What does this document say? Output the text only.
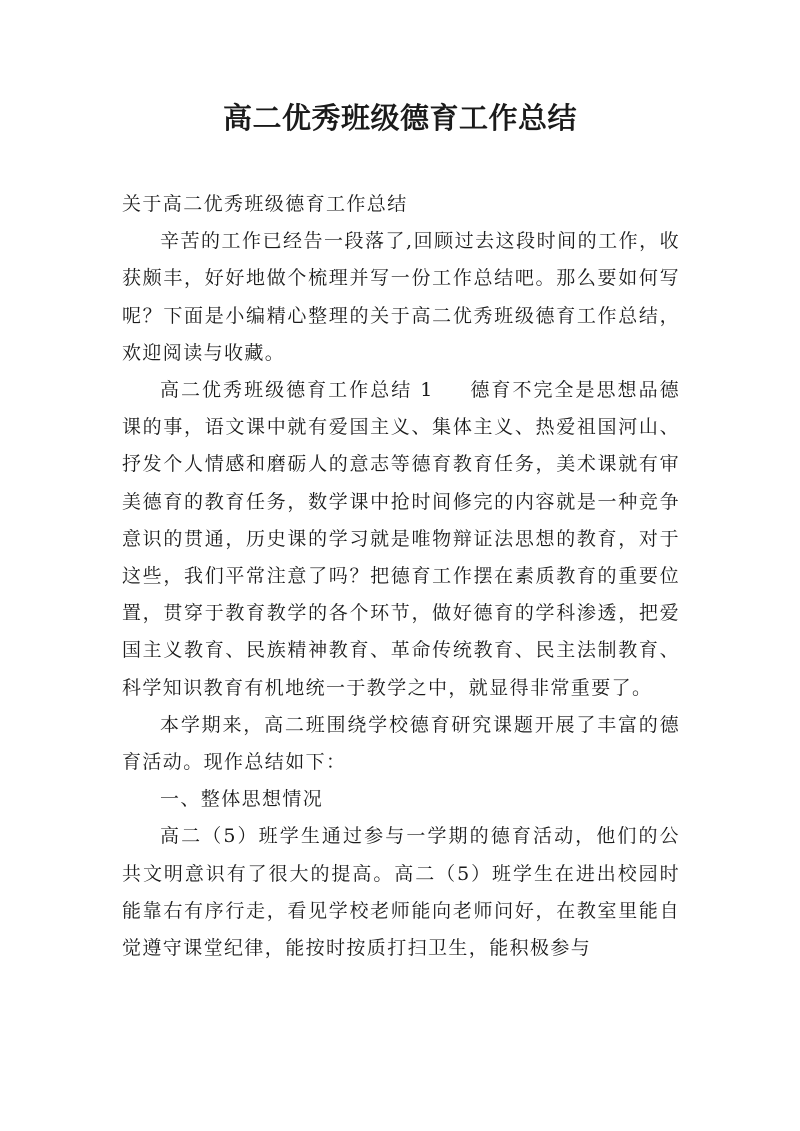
高二优秀班级德育工作总结

关于高二优秀班级德育工作总结

辛苦的工作已经告一段落了,回顾过去这段时间的工作，收获颇丰，好好地做个梳理并写一份工作总结吧。那么要如何写呢？下面是小编精心整理的关于高二优秀班级德育工作总结，欢迎阅读与收藏。

高二优秀班级德育工作总结 1 德育不完全是思想品德课的事，语文课中就有爱国主义、集体主义、热爱祖国河山、抒发个人情感和磨砺人的意志等德育教育任务，美术课就有审美德育的教育任务，数学课中抢时间修完的内容就是一种竞争意识的贯通，历史课的学习就是唯物辩证法思想的教育，对于这些，我们平常注意了吗？把德育工作摆在素质教育的重要位置，贯穿于教育教学的各个环节，做好德育的学科渗透，把爱国主义教育、民族精神教育、革命传统教育、民主法制教育、科学知识教育有机地统一于教学之中，就显得非常重要了。

本学期来，高二班围绕学校德育研究课题开展了丰富的德育活动。现作总结如下：

一、整体思想情况

高二（5）班学生通过参与一学期的德育活动，他们的公共文明意识有了很大的提高。高二（5）班学生在进出校园时能靠右有序行走，看见学校老师能向老师问好，在教室里能自觉遵守课堂纪律，能按时按质打扫卫生，能积极参与
